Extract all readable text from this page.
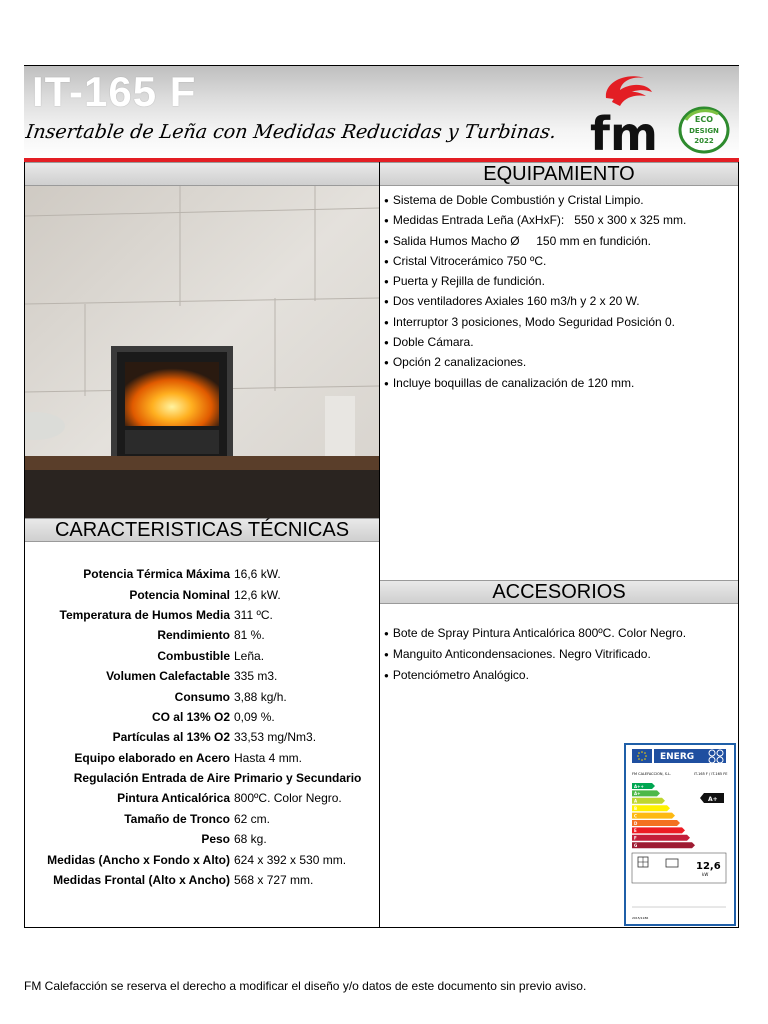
IT-165 F
Insertable de Leña con Medidas Reducidas y Turbinas. fm	ECO
DESIGN
2022
EQUIPAMIENTO
CARACTERISTICAS TÉCNICAS
● Sistema de Doble Combustión y Cristal Limpio.
● Medidas Entrada Leña (AxHxF):   550 x 300 x 325 mm.
● Salida Humos Macho Ø     150 mm en fundición.
● Cristal Vitrocerámico 750 ºC.
● Puerta y Rejilla de fundición.
● Dos ventiladores Axiales 160 m3/h y 2 x 20 W.
● Interruptor 3 posiciones, Modo Seguridad Posición 0.
● Doble Cámara.
● Opción 2 canalizaciones.
● Incluye boquillas de canalización de 120 mm.
Potencia Térmica Máxima 16,6 kW.
Potencia Nominal 12,6 kW.
Temperatura de Humos Media 311 ºC.
Rendimiento 81 %.
Combustible Leña.
Volumen Calefactable 335 m3.
Consumo 3,88 kg/h.
CO al 13% O2 0,09 %.
Partículas al 13% O2 33,53 mg/Nm3.
Equipo elaborado en Acero Hasta 4 mm.
Regulación Entrada de Aire Primario y Secundario
Pintura Anticalórica 800ºC. Color Negro.
Tamaño de Tronco 62 cm.
Peso 68 kg.
Medidas (Ancho x Fondo x Alto) 624 x 392 x 530 mm.
Medidas Frontal (Alto x Ancho) 568 x 727 mm.
ACCESORIOS
● Bote de Spray Pintura Anticalórica 800ºC. Color Negro.
● Manguito Anticondensaciones. Negro Vitrificado.
● Potenciómetro Analógico.
ENERG
FM CALEFACCION, S.L.	IT-165 F / IT-165 FE
A++
A+
A
B
C
D
E
F
G
A+
12,6
kW
2015/1186
FM Calefacción se reserva el derecho a modificar el diseño y/o datos de este documento sin previo aviso.
